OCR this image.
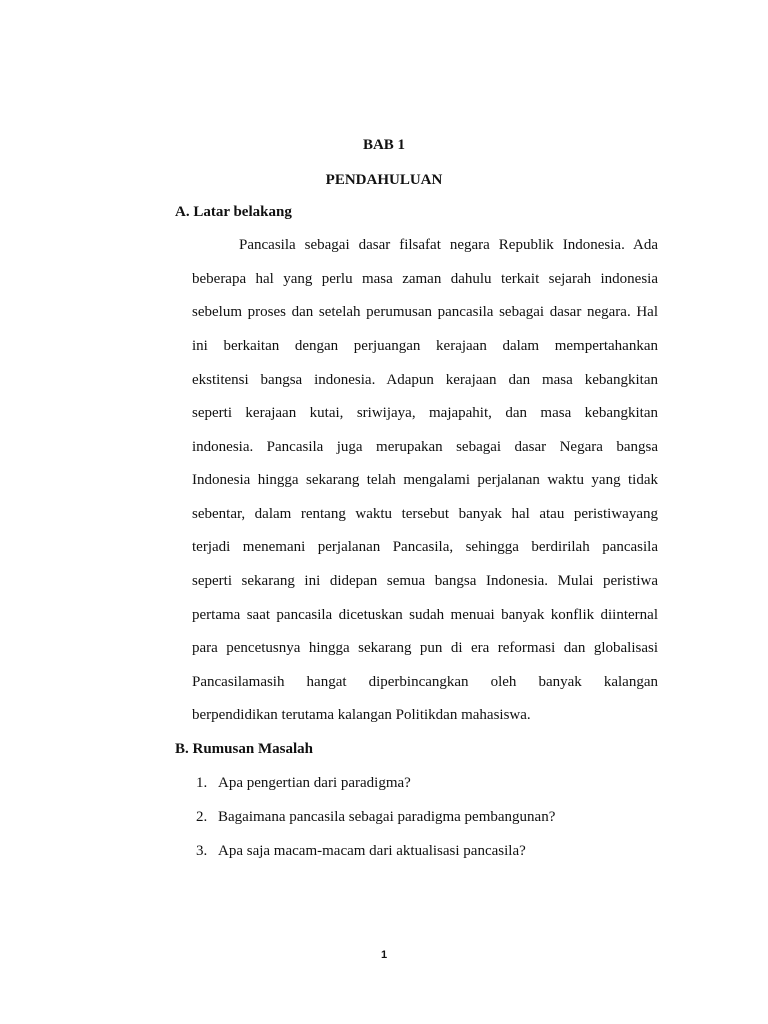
BAB 1

PENDAHULUAN

A. Latar belakang

Pancasila sebagai dasar filsafat negara Republik Indonesia. Ada

beberapa hal yang perlu masa zaman dahulu terkait sejarah indonesia

sebelum proses dan setelah perumusan pancasila sebagai dasar negara. Hal

ini berkaitan dengan perjuangan kerajaan dalam mempertahankan

ekstitensi bangsa indonesia. Adapun kerajaan dan masa kebangkitan

seperti kerajaan kutai, sriwijaya, majapahit, dan masa kebangkitan

indonesia. Pancasila juga merupakan sebagai dasar Negara bangsa

Indonesia hingga sekarang telah mengalami perjalanan waktu yang tidak

sebentar, dalam rentang waktu tersebut banyak hal atau peristiwayang

terjadi menemani perjalanan Pancasila, sehingga berdirilah pancasila

seperti sekarang ini didepan semua bangsa Indonesia. Mulai peristiwa

pertama saat pancasila dicetuskan sudah menuai banyak konflik diinternal

para pencetusnya hingga sekarang pun di era reformasi dan globalisasi

Pancasilamasih hangat diperbincangkan oleh banyak kalangan

berpendidikan terutama kalangan Politikdan mahasiswa.

B. Rumusan Masalah

1. Apa pengertian dari paradigma?

2. Bagaimana pancasila sebagai paradigma pembangunan?

3. Apa saja macam-macam dari aktualisasi pancasila?

1
